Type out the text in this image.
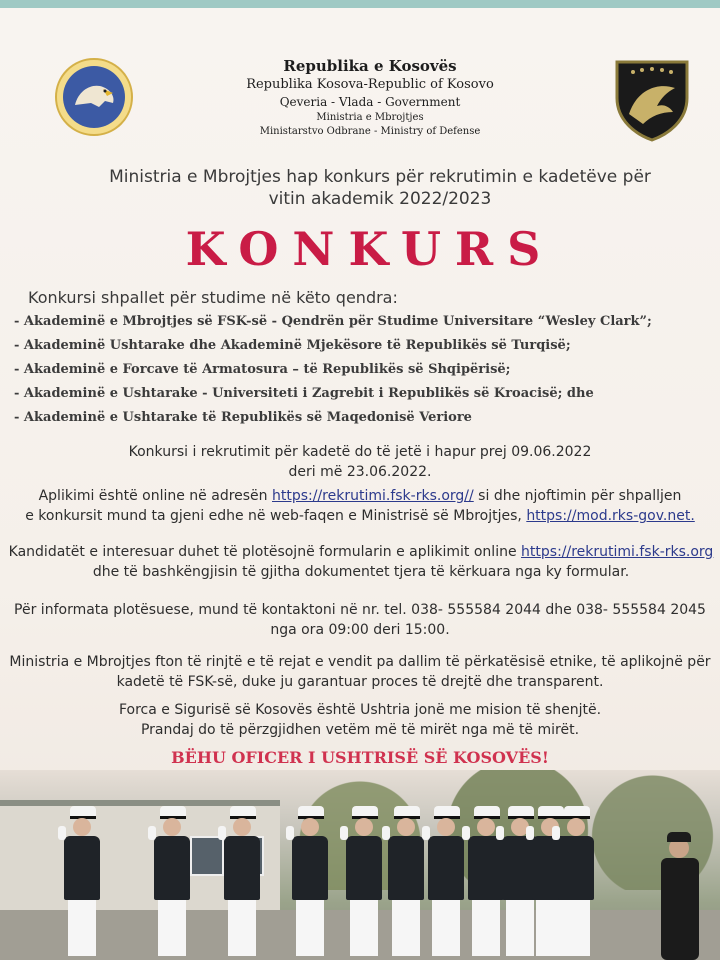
Republika e Kosovës
Republika Kosova-Republic of Kosovo
Qeveria - Vlada - Government
Ministria e Mbrojtjes
Ministarstvo Odbrane - Ministry of Defense
Ministria e Mbrojtjes hap konkurs për rekrutimin e kadetëve për
vitin akademik 2022/2023
KONKURS
Konkursi shpallet për studime në këto qendra:
- Akademinë e Mbrojtjes së FSK-së - Qendrën për Studime Universitare “Wesley Clark”;
- Akademinë Ushtarake dhe Akademinë Mjekësore të Republikës së Turqisë;
- Akademinë e Forcave të Armatosura – të Republikës së Shqipërisë;
- Akademinë e Ushtarake - Universiteti i Zagrebit i Republikës së Kroacisë; dhe
- Akademinë e Ushtarake të Republikës së Maqedonisë Veriore
Konkursi i rekrutimit për kadetë do të jetë i hapur prej 09.06.2022
deri më 23.06.2022.
Aplikimi është online në adresën https://rekrutimi.fsk-rks.org// si dhe njoftimin për shpalljen
e konkursit mund ta gjeni edhe në web-faqen e Ministrisë së Mbrojtjes, https://mod.rks-gov.net.
Kandidatët e interesuar duhet të plotësojnë formularin e aplikimit online https://rekrutimi.fsk-rks.org
dhe të bashkëngjisin të gjitha dokumentet tjera të kërkuara nga ky formular.
Për informata plotësuese, mund të kontaktoni në nr. tel. 038- 555584 2044 dhe 038- 555584 2045
nga ora 09:00 deri 15:00.
Ministria e Mbrojtjes fton të rinjtë e të rejat e vendit pa dallim të përkatësisë etnike, të aplikojnë për
kadetë të FSK-së, duke ju garantuar proces të drejtë dhe transparent.
Forca e Sigurisë së Kosovës është Ushtria jonë me mision të shenjtë.
Prandaj do të përzgjidhen vetëm më të mirët nga më të mirët.
BËHU OFICER I USHTRISË SË KOSOVËS!
